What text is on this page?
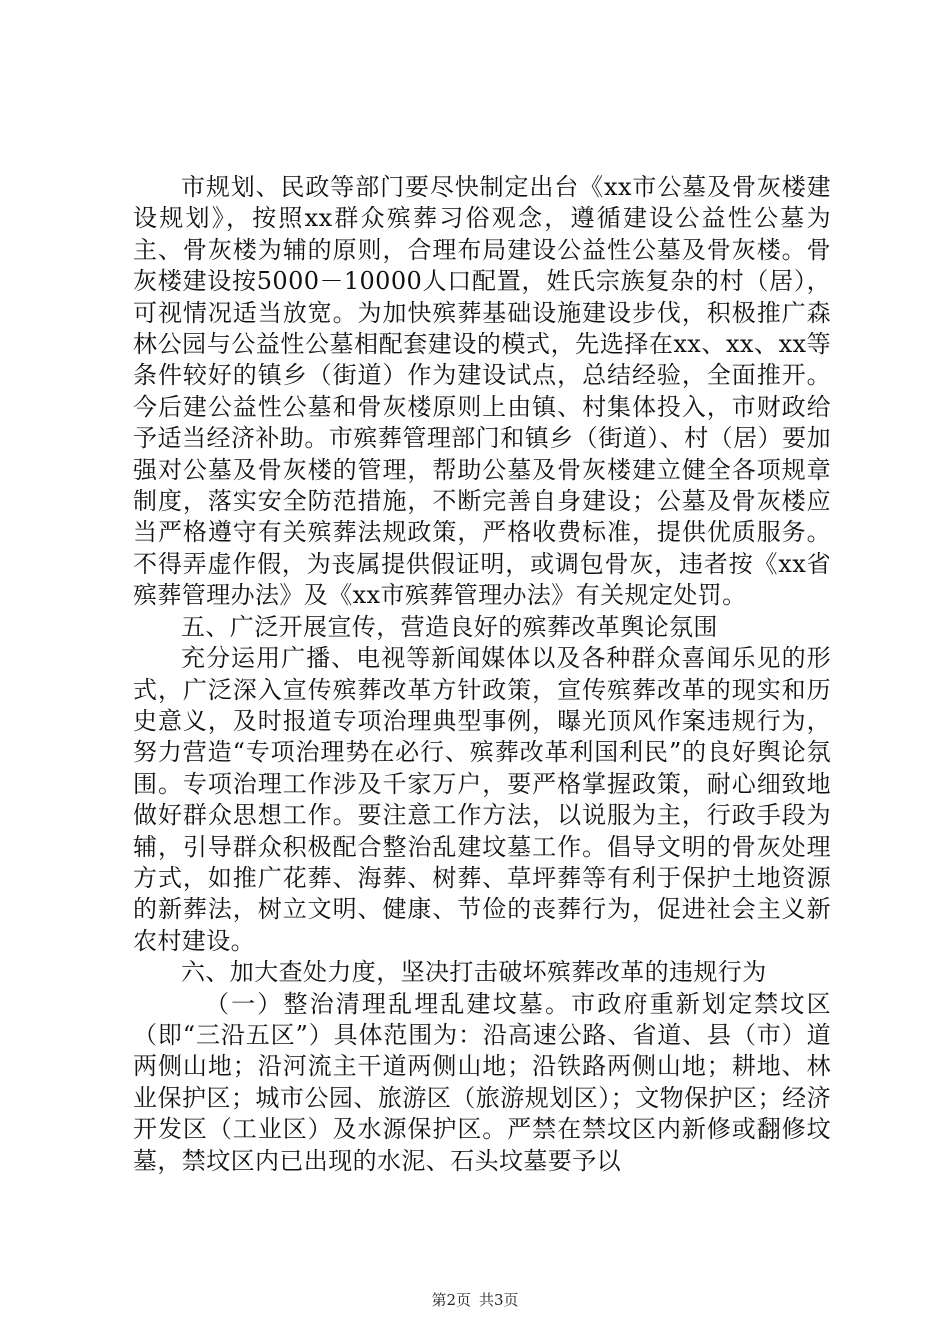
市规划、民政等部门要尽快制定出台《xx市公墓及骨灰楼建设规划》，按照xx群众殡葬习俗观念，遵循建设公益性公墓为主、骨灰楼为辅的原则，合理布局建设公益性公墓及骨灰楼。骨灰楼建设按5000－10000人口配置，姓氏宗族复杂的村（居），可视情况适当放宽。为加快殡葬基础设施建设步伐，积极推广森林公园与公益性公墓相配套建设的模式，先选择在xx、xx、xx等条件较好的镇乡（街道）作为建设试点，总结经验，全面推开。今后建公益性公墓和骨灰楼原则上由镇、村集体投入，市财政给予适当经济补助。市殡葬管理部门和镇乡（街道）、村（居）要加强对公墓及骨灰楼的管理，帮助公墓及骨灰楼建立健全各项规章制度，落实安全防范措施，不断完善自身建设；公墓及骨灰楼应当严格遵守有关殡葬法规政策，严格收费标准，提供优质服务。不得弄虚作假，为丧属提供假证明，或调包骨灰，违者按《xx省殡葬管理办法》及《xx市殡葬管理办法》有关规定处罚。

五、广泛开展宣传，营造良好的殡葬改革舆论氛围

充分运用广播、电视等新闻媒体以及各种群众喜闻乐见的形式，广泛深入宣传殡葬改革方针政策，宣传殡葬改革的现实和历史意义，及时报道专项治理典型事例，曝光顶风作案违规行为，努力营造“专项治理势在必行、殡葬改革利国利民”的良好舆论氛围。专项治理工作涉及千家万户，要严格掌握政策，耐心细致地做好群众思想工作。要注意工作方法，以说服为主，行政手段为辅，引导群众积极配合整治乱建坟墓工作。倡导文明的骨灰处理方式，如推广花葬、海葬、树葬、草坪葬等有利于保护土地资源的新葬法，树立文明、健康、节俭的丧葬行为，促进社会主义新农村建设。

六、加大查处力度，坚决打击破坏殡葬改革的违规行为

（一）整治清理乱埋乱建坟墓。市政府重新划定禁坟区（即“三沿五区”）具体范围为：沿高速公路、省道、县（市）道两侧山地；沿河流主干道两侧山地；沿铁路两侧山地；耕地、林业保护区；城市公园、旅游区（旅游规划区）；文物保护区；经济开发区（工业区）及水源保护区。严禁在禁坟区内新修或翻修坟墓，禁坟区内已出现的水泥、石头坟墓要予以

第2页 共3页
